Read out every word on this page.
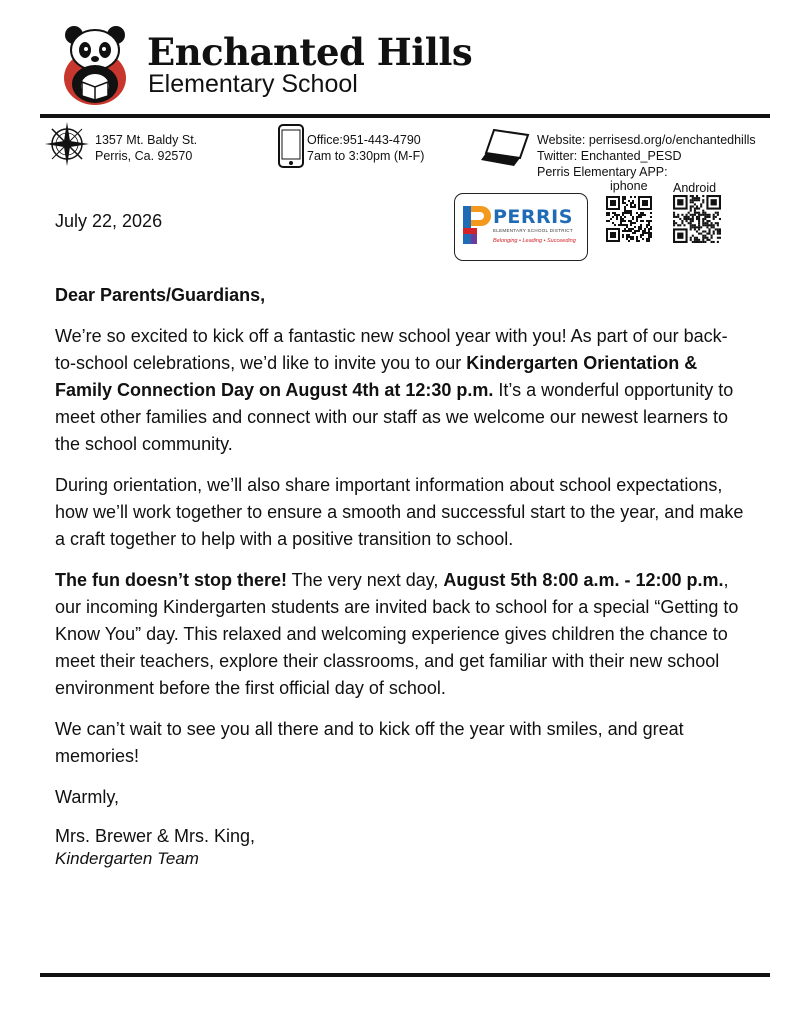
Enchanted Hills
Elementary School
1357 Mt. Baldy St.
Perris, Ca. 92570
Office:951-443-4790
7am to 3:30pm (M-F)
Website: perrisesd.org/o/enchantedhills
Twitter: Enchanted_PESD
Perris Elementary APP:
iphone Android
PERRIS
ELEMENTARY SCHOOL DISTRICT
Belonging • Leading • Succeeding
July 22, 2026

Dear Parents/Guardians,

We’re so excited to kick off a fantastic new school year with you! As part of our back-to-school celebrations, we’d like to invite you to our Kindergarten Orientation & Family Connection Day on August 4th at 12:30 p.m. It’s a wonderful opportunity to meet other families and connect with our staff as we welcome our newest learners to the school community.

During orientation, we’ll also share important information about school expectations, how we’ll work together to ensure a smooth and successful start to the year, and make a craft together to help with a positive transition to school.

The fun doesn’t stop there! The very next day, August 5th 8:00 a.m. - 12:00 p.m., our incoming Kindergarten students are invited back to school for a special “Getting to Know You” day. This relaxed and welcoming experience gives children the chance to meet their teachers, explore their classrooms, and get familiar with their new school environment before the first official day of school.

We can’t wait to see you all there and to kick off the year with smiles, and great memories!

Warmly,

Mrs. Brewer & Mrs. King,
Kindergarten Team
